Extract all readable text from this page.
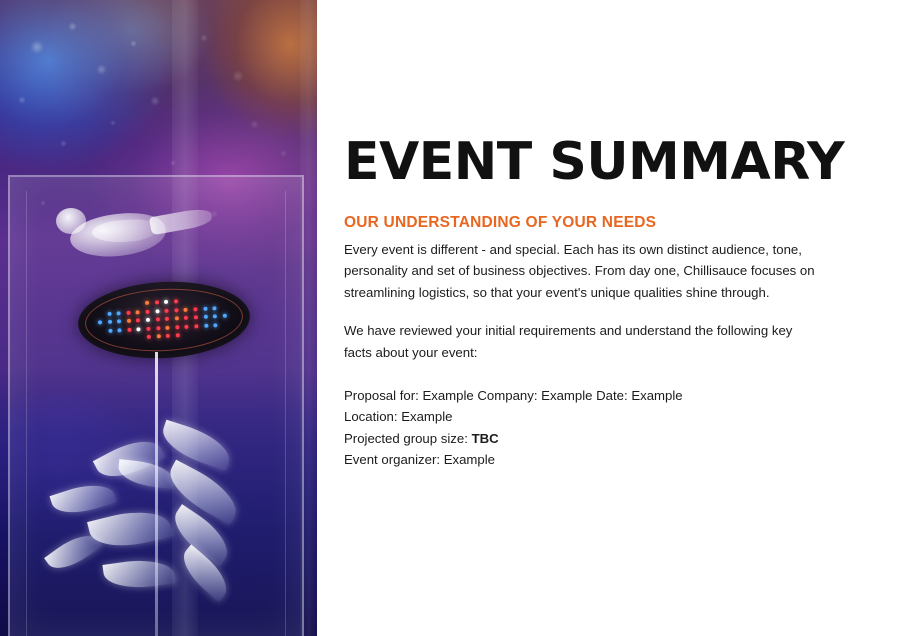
EVENT SUMMARY
OUR UNDERSTANDING OF YOUR NEEDS

Every event is different - and special. Each has its own distinct audience, tone, personality and set of business objectives. From day one, Chillisauce focuses on streamlining logistics, so that your event's unique qualities shine through.

We have reviewed your initial requirements and understand the following key facts about your event:

Proposal for: Example Company: Example Date: Example
Location: Example
Projected group size: TBC
Event organizer: Example
